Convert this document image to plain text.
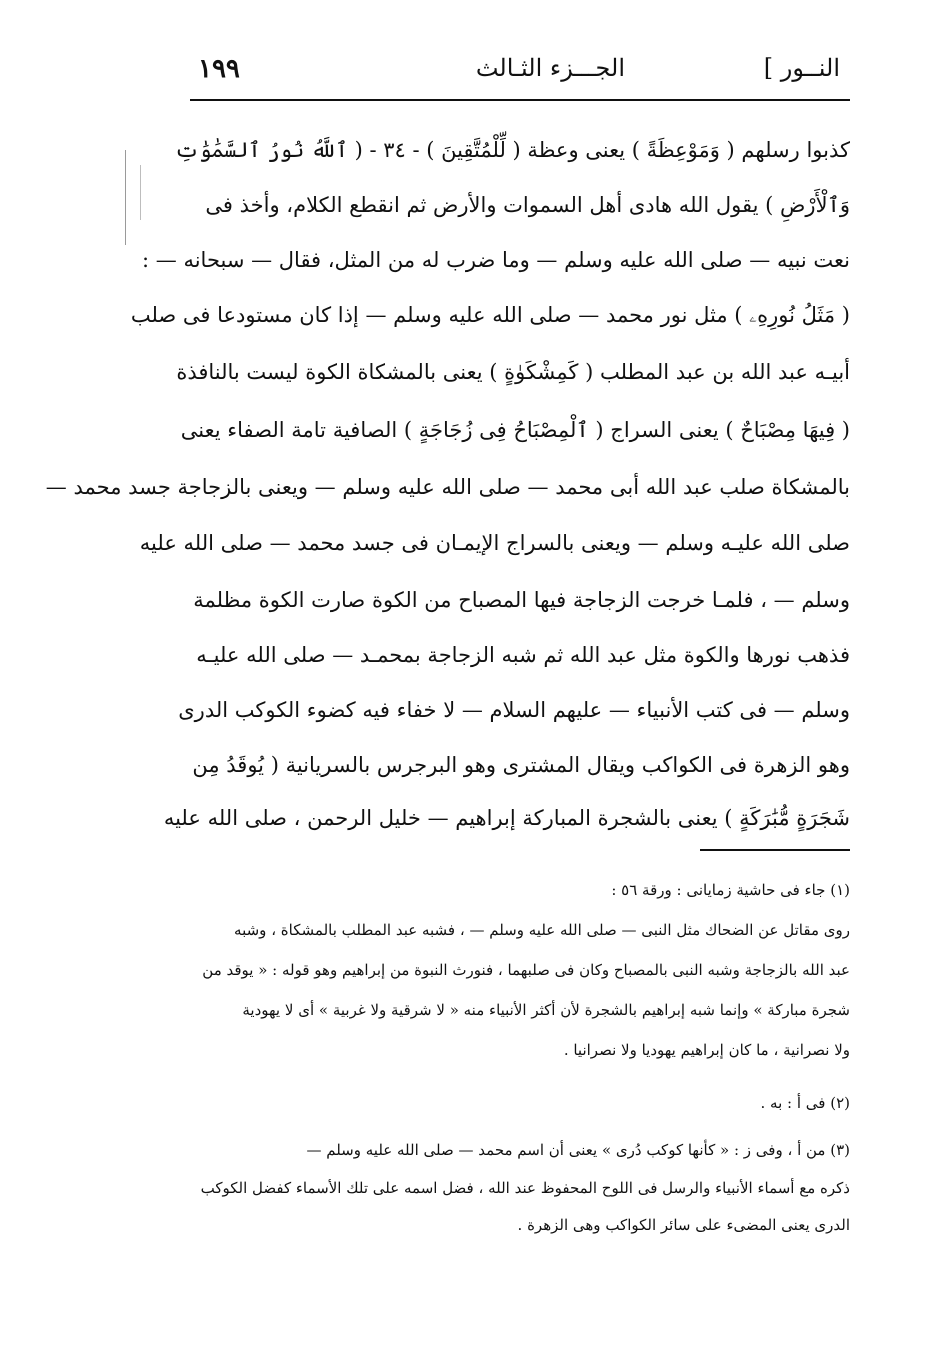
النــور ]
الجـــزء الثـالث
١٩٩
كذبوا رسلهم ( وَمَوْعِظَةً ) يعنى وعظة ( لِّلْمُتَّقِينَ ) - ٣٤ - ( ٱللَّهُ نُورُ ٱلسَّمَٰوَٰتِ
وَٱلْأَرْضِ ) يقول الله هادى أهل السموات والأرض ثم انقطع الكلام، وأخذ فى
نعت نبيه — صلى الله عليه وسلم — وما ضرب له من المثل، فقال — سبحانه — :
( مَثَلُ نُورِهِۦ ) مثل نور محمد — صلى الله عليه وسلم — إذا كان مستودعا فى صلب
أبيـه عبد الله بن عبد المطلب ( كَمِشْكَوٰةٍ ) يعنى بالمشكاة الكوة ليست بالنافذة
( فِيهَا مِصْبَاحٌ ) يعنى السراج ( ٱلْمِصْبَاحُ فِى زُجَاجَةٍ ) الصافية تامة الصفاء يعنى
بالمشكاة صلب عبد الله أبى محمد — صلى الله عليه وسلم — ويعنى بالزجاجة جسد محمد —
صلى الله عليـه وسلم — ويعنى بالسراج الإيمـان فى جسد محمد — صلى الله عليه
وسلم — ، فلمـا خرجت الزجاجة فيها المصباح من الكوة صارت الكوة مظلمة
فذهب نورها والكوة مثل عبد الله ثم شبه الزجاجة بمحمـد — صلى الله عليـه
وسلم — فى كتب الأنبياء — عليهم السلام — لا خفاء فيه كضوء الكوكب الدرى
وهو الزهرة فى الكواكب ويقال المشترى وهو البرجرس بالسريانية ( يُوقَدُ مِن
شَجَرَةٍ مُّبَٰرَكَةٍ ) يعنى بالشجرة المباركة إبراهيم — خليل الرحمن ، صلى الله عليه
(١) جاء فى حاشية زمايانى : ورقة ٥٦ :
روى مقاتل عن الضحاك مثل النبى — صلى الله عليه وسلم — ، فشبه عبد المطلب بالمشكاة ، وشبه
عبد الله بالزجاجة وشبه النبى بالمصباح وكان فى صلبهما ، فنورث النبوة من إبراهيم وهو قوله : « يوقد من
شجرة مباركة » وإنما شبه إبراهيم بالشجرة لأن أكثر الأنبياء منه « لا شرقية ولا غربية » أى لا يهودية
ولا نصرانية ، ما كان إبراهيم يهوديا ولا نصرانيا .
(٢) فى أ : به .
(٣) من أ ، وفى ز : « كأنها كوكب دُرى » يعنى أن اسم محمد — صلى الله عليه وسلم —
ذكره مع أسماء الأنبياء والرسل فى اللوح المحفوظ عند الله ، فضل اسمه على تلك الأسماء كفضل الكوكب
الدرى يعنى المضىء على سائر الكواكب وهى الزهرة .
